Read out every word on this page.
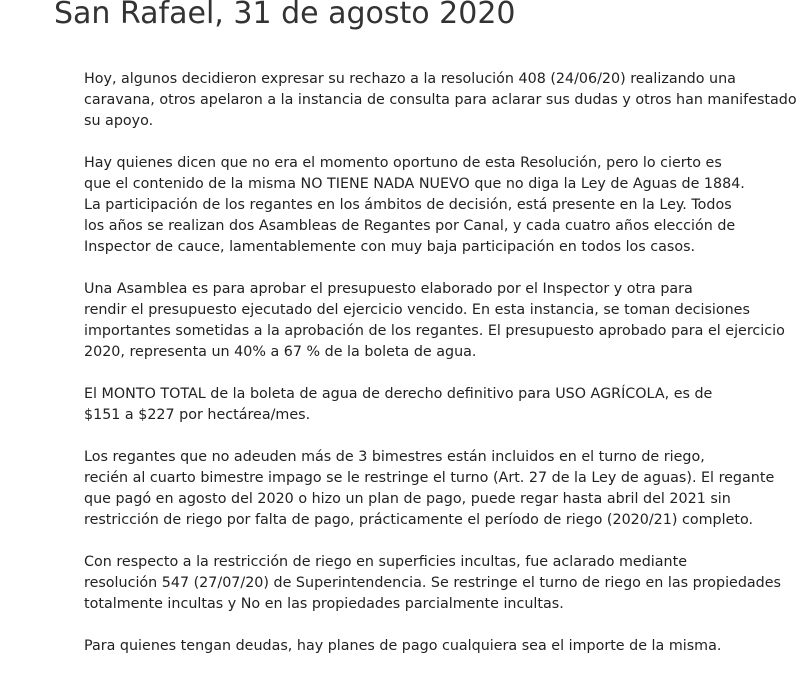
San Rafael, 31 de agosto 2020

Hoy, algunos decidieron expresar su rechazo a la resolución 408 (24/06/20) realizando una
caravana, otros apelaron a la instancia de consulta para aclarar sus dudas y otros han manifestado
su apoyo.

Hay quienes dicen que no era el momento oportuno de esta Resolución, pero lo cierto es
que el contenido de la misma NO TIENE NADA NUEVO que no diga la Ley de Aguas de 1884.
La participación de los regantes en los ámbitos de decisión, está presente en la Ley. Todos
los años se realizan dos Asambleas de Regantes por Canal, y cada cuatro años elección de
Inspector de cauce, lamentablemente con muy baja participación en todos los casos.

Una Asamblea es para aprobar el presupuesto elaborado por el Inspector y otra para
rendir el presupuesto ejecutado del ejercicio vencido. En esta instancia, se toman decisiones
importantes sometidas a la aprobación de los regantes. El presupuesto aprobado para el ejercicio
2020, representa un 40% a 67 % de la boleta de agua.

El MONTO TOTAL de la boleta de agua de derecho definitivo para USO AGRÍCOLA, es de
$151 a $227 por hectárea/mes.

Los regantes que no adeuden más de 3 bimestres están incluidos en el turno de riego,
recién al cuarto bimestre impago se le restringe el turno (Art. 27 de la Ley de aguas). El regante
que pagó en agosto del 2020 o hizo un plan de pago, puede regar hasta abril del 2021 sin
restricción de riego por falta de pago, prácticamente el período de riego (2020/21) completo.

Con respecto a la restricción de riego en superficies incultas, fue aclarado mediante
resolución 547 (27/07/20) de Superintendencia. Se restringe el turno de riego en las propiedades
totalmente incultas y No en las propiedades parcialmente incultas.

Para quienes tengan deudas, hay planes de pago cualquiera sea el importe de la misma.
